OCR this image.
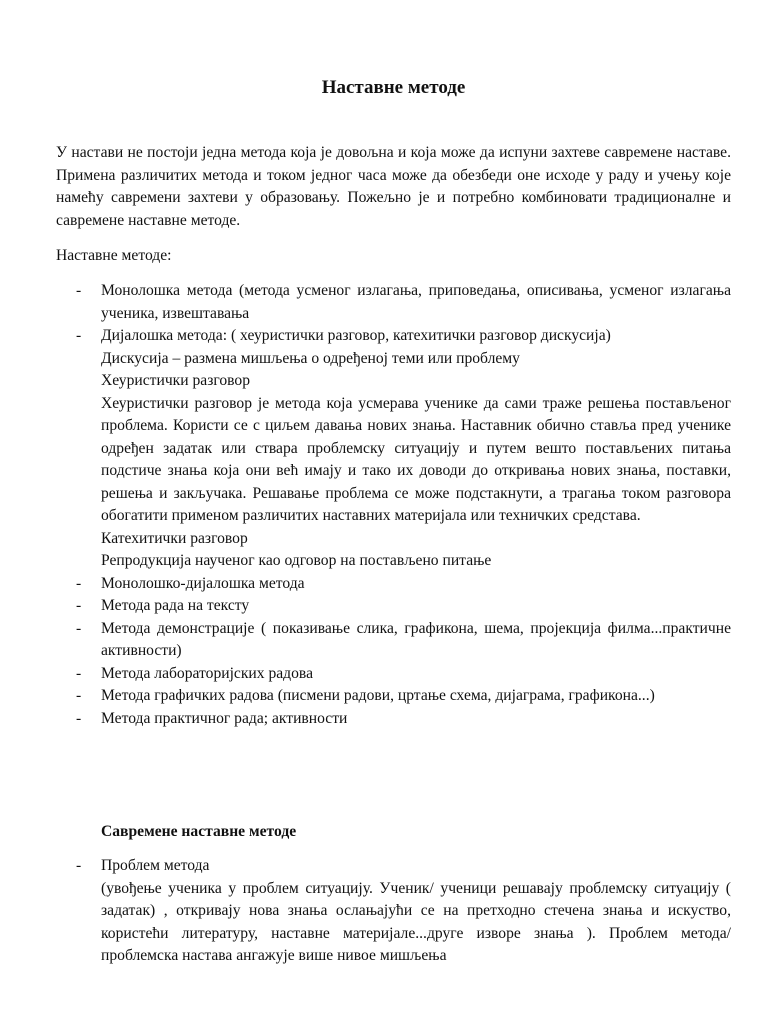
Наставне методе

У настави не постоји једна метода која је довољна и која може да испуни захтеве савремене наставе. Примена различитих метода и током једног часа може да обезбеди оне исходе у раду и учењу које намећу савремени захтеви у образовању. Пожељно је и потребно комбиновати традиционалне и савремене наставне методе.

Наставне методе:

- Монолошка метода (метода усменог излагања, приповедања, описивања, усменог излагања ученика, извештавања
- Дијалошка метода: ( хеуристички разговор, катехитички разговор дискусија)
Дискусија – размена мишљења о одређеној теми или проблему
Хеуристички разговор
Хеуристички разговор је метода која усмерава ученике да сами траже решења постављеног проблема. Користи се с циљем давања нових знања. Наставник обично ставља пред ученике одређен задатак или ствара проблемску ситуацију и путем вешто постављених питања подстиче знања која они већ имају и тако их доводи до откривања нових знања, поставки, решења и закључака. Решавање проблема се може подстакнути, а трагања током разговора обогатити применом различитих наставних материјала или техничких средстава.
Катехитички разговор
Репродукција наученог као одговор на постављено питање
- Монолошко-дијалошка метода
- Метода рада на тексту
- Метода демонстрације ( показивање слика, графикона, шема, пројекција филма...практичне активности)
- Метода лабораторијских радова
- Метода графичких радова (писмени радови, цртање схема, дијаграма, графикона...)
- Метода практичног рада; активности

Савремене наставне методе

- Проблем метода
(увођење ученика у проблем ситуацију. Ученик/ ученици решавају проблемску ситуацију ( задатак) , откривају нова знања ослањајући се на претходно стечена знања и искуство, користећи литературу, наставне материјале...друге изворе знања ). Проблем метода/ проблемска настава ангажује више нивое мишљења
